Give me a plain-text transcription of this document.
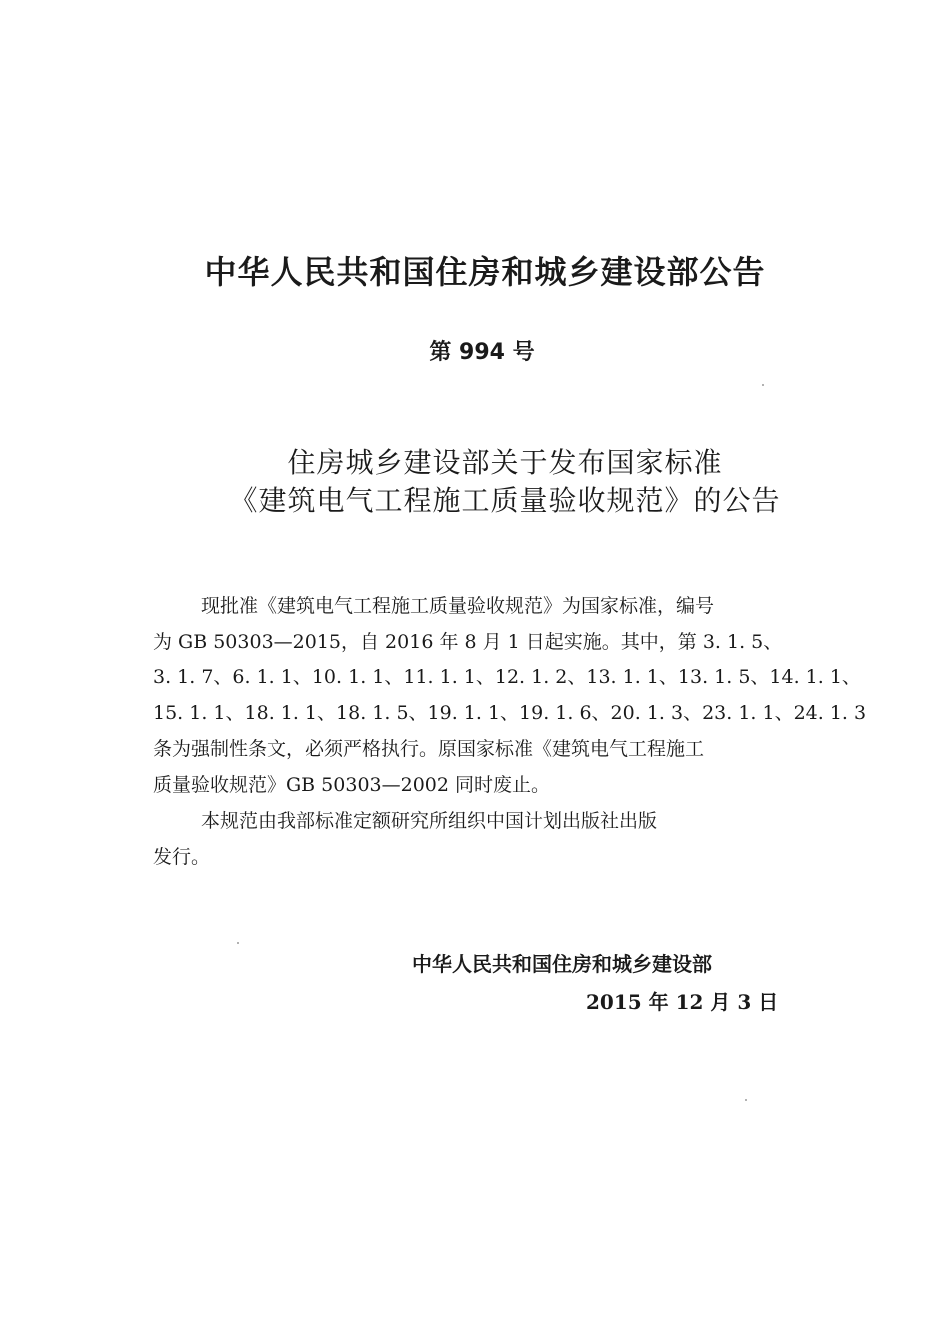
中华人民共和国住房和城乡建设部公告
第 994 号
住房城乡建设部关于发布国家标准
《建筑电气工程施工质量验收规范》的公告
现批准《建筑电气工程施工质量验收规范》为国家标准，编号
为 GB 50303—2015，自 2016 年 8 月 1 日起实施。其中，第 3. 1. 5、
3. 1. 7、6. 1. 1、10. 1. 1、11. 1. 1、12. 1. 2、13. 1. 1、13. 1. 5、14. 1. 1、
15. 1. 1、18. 1. 1、18. 1. 5、19. 1. 1、19. 1. 6、20. 1. 3、23. 1. 1、24. 1. 3
条为强制性条文，必须严格执行。原国家标准《建筑电气工程施工
质量验收规范》GB 50303—2002 同时废止。
本规范由我部标准定额研究所组织中国计划出版社出版
发行。
中华人民共和国住房和城乡建设部
2015 年 12 月 3 日
